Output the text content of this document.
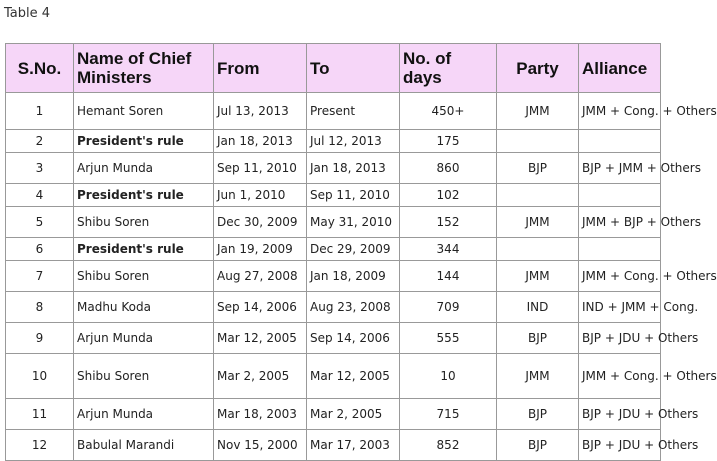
Table 4
S.No.	Name of Chief Ministers	From	To	No. of days	Party	Alliance
1	Hemant Soren	Jul 13, 2013	Present	450+	JMM	JMM + Cong. + Others
2	President's rule	Jan 18, 2013	Jul 12, 2013	175		
3	Arjun Munda	Sep 11, 2010	Jan 18, 2013	860	BJP	BJP + JMM + Others
4	President's rule	Jun 1, 2010	Sep 11, 2010	102		
5	Shibu Soren	Dec 30, 2009	May 31, 2010	152	JMM	JMM + BJP + Others
6	President's rule	Jan 19, 2009	Dec 29, 2009	344		
7	Shibu Soren	Aug 27, 2008	Jan 18, 2009	144	JMM	JMM + Cong. + Others
8	Madhu Koda	Sep 14, 2006	Aug 23, 2008	709	IND	IND + JMM + Cong.
9	Arjun Munda	Mar 12, 2005	Sep 14, 2006	555	BJP	BJP + JDU + Others
10	Shibu Soren	Mar 2, 2005	Mar 12, 2005	10	JMM	JMM + Cong. + Others
11	Arjun Munda	Mar 18, 2003	Mar 2, 2005	715	BJP	BJP + JDU + Others
12	Babulal Marandi	Nov 15, 2000	Mar 17, 2003	852	BJP	BJP + JDU + Others
